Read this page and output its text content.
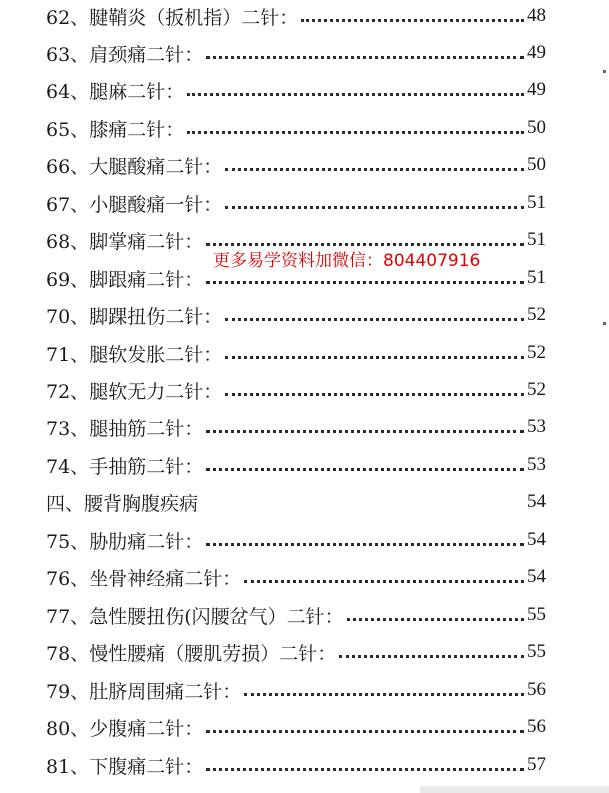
62、腱鞘炎（扳机指）二针：	48
63、肩颈痛二针：	49
64、腿麻二针：	49
65、膝痛二针：	50
66、大腿酸痛二针：	50
67、小腿酸痛一针：	51
68、脚掌痛二针：	51
69、脚跟痛二针：	51
70、脚踝扭伤二针：	52
71、腿软发胀二针：	52
72、腿软无力二针：	52
73、腿抽筋二针：	53
74、手抽筋二针：	53
四、腰背胸腹疾病	54
75、胁肋痛二针：	54
76、坐骨神经痛二针：	54
77、急性腰扭伤(闪腰岔气）二针：	55
78、慢性腰痛（腰肌劳损）二针：	55
79、肚脐周围痛二针：	56
80、少腹痛二针：	56
81、下腹痛二针：	57
更多易学资料加微信：804407916
